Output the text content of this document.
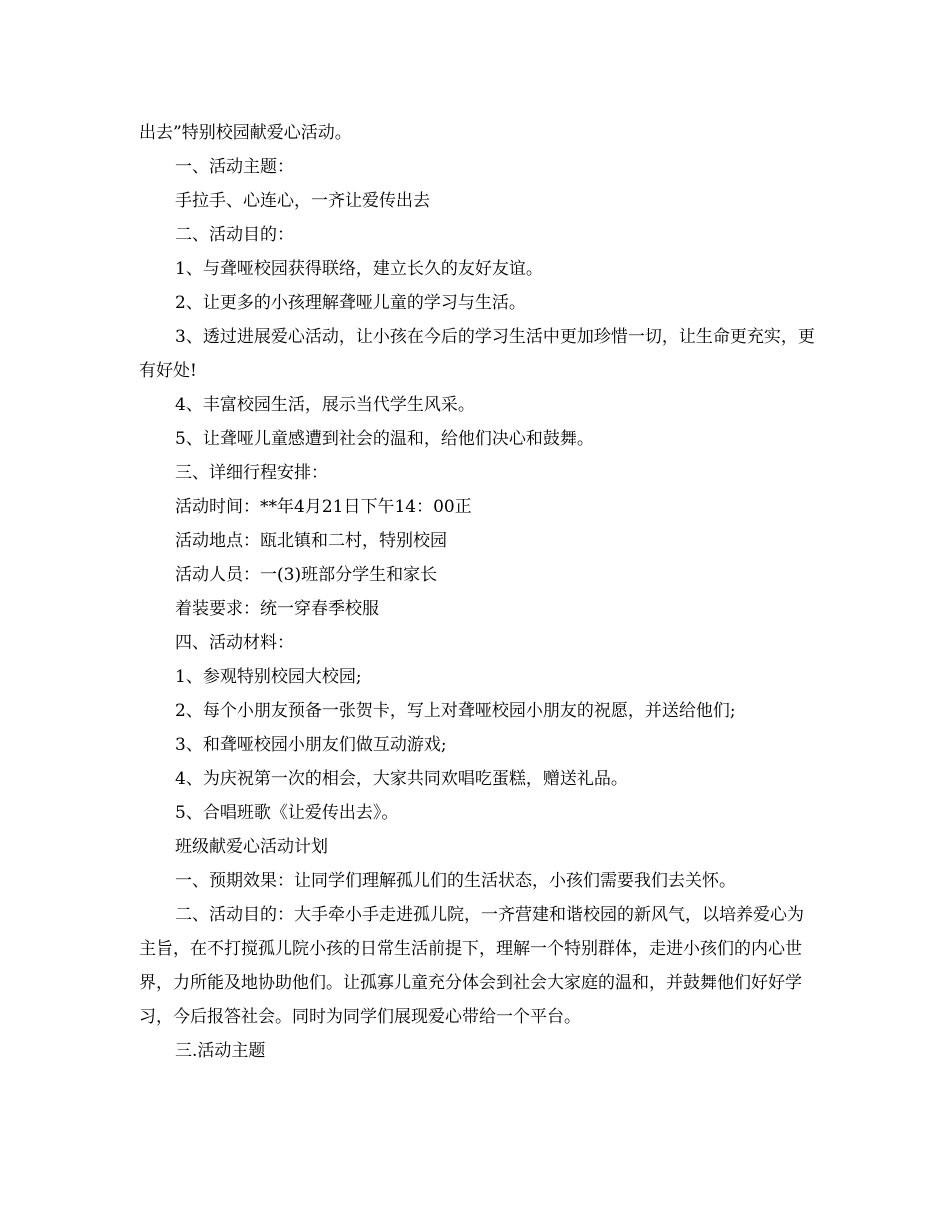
出去”特别校园献爱心活动。

一、活动主题：

手拉手、心连心，一齐让爱传出去

二、活动目的：

1、与聋哑校园获得联络，建立长久的友好友谊。

2、让更多的小孩理解聋哑儿童的学习与生活。

3、透过进展爱心活动，让小孩在今后的学习生活中更加珍惜一切，让生命更充实，更有好处!

4、丰富校园生活，展示当代学生风采。

5、让聋哑儿童感遭到社会的温和，给他们决心和鼓舞。

三、详细行程安排：

活动时间：**年4月21日下午14：00正

活动地点：瓯北镇和二村，特别校园

活动人员：一(3)班部分学生和家长

着装要求：统一穿春季校服

四、活动材料：

1、参观特别校园大校园;

2、每个小朋友预备一张贺卡，写上对聋哑校园小朋友的祝愿，并送给他们;

3、和聋哑校园小朋友们做互动游戏;

4、为庆祝第一次的相会，大家共同欢唱吃蛋糕，赠送礼品。

5、合唱班歌《让爱传出去》。

班级献爱心活动计划

一、预期效果：让同学们理解孤儿们的生活状态，小孩们需要我们去关怀。

二、活动目的：大手牵小手走进孤儿院，一齐营建和谐校园的新风气，以培养爱心为主旨，在不打搅孤儿院小孩的日常生活前提下，理解一个特别群体，走进小孩们的内心世界，力所能及地协助他们。让孤寡儿童充分体会到社会大家庭的温和，并鼓舞他们好好学习，今后报答社会。同时为同学们展现爱心带给一个平台。

三.活动主题
